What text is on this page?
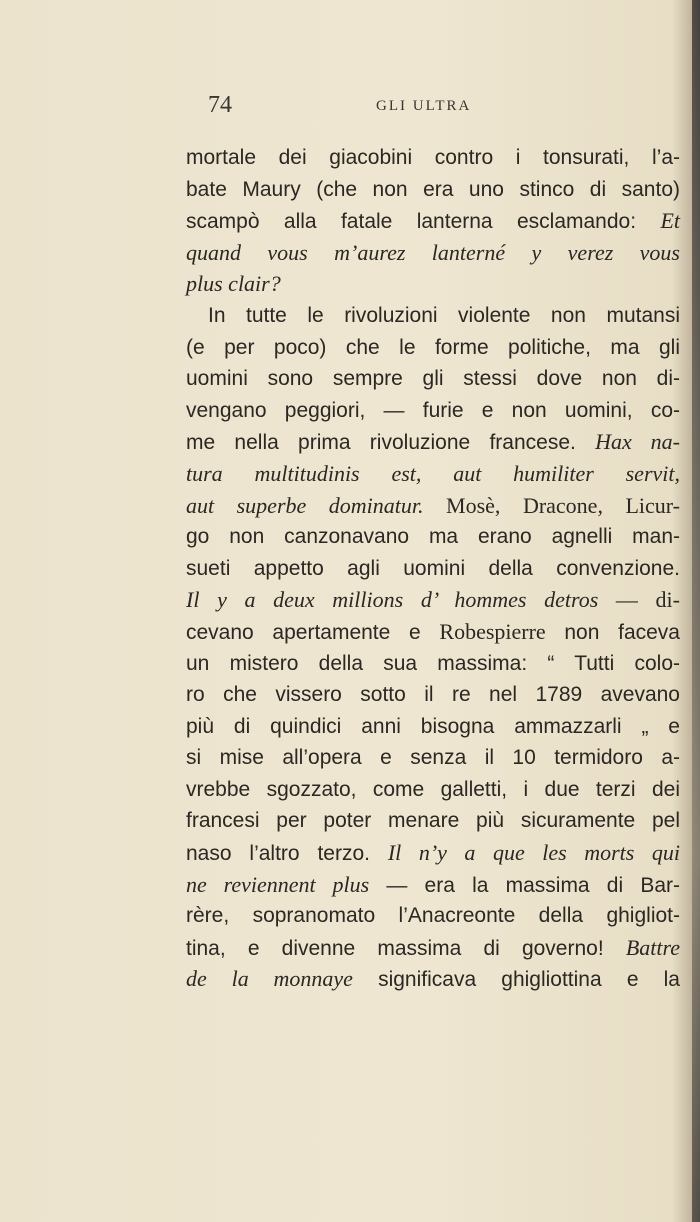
74	GLI ULTRA
mortale dei giacobini contro i tonsurati, l’a-
bate Maury (che non era uno stinco di santo)
scampò alla fatale lanterna esclamando: Et
quand vous m’aurez lanterné y verez vous
plus clair?
In tutte le rivoluzioni violente non mutansi
(e per poco) che le forme politiche, ma gli
uomini sono sempre gli stessi dove non di-
vengano peggiori, — furie e non uomini, co-
me nella prima rivoluzione francese. Hax na-
tura multitudinis est, aut humiliter servit,
aut superbe dominatur. Mosè, Dracone, Licur-
go non canzonavano ma erano agnelli man-
sueti appetto agli uomini della convenzione.
Il y a deux millions d’ hommes detros — di-
cevano apertamente e Robespierre non faceva
un mistero della sua massima: “ Tutti colo-
ro che vissero sotto il re nel 1789 avevano
più di quindici anni bisogna ammazzarli „ e
si mise all’opera e senza il 10 termidoro a-
vrebbe sgozzato, come galletti, i due terzi dei
francesi per poter menare più sicuramente pel
naso l’altro terzo. Il n’y a que les morts qui
ne reviennent plus — era la massima di Bar-
rère, sopranomato l’Anacreonte della ghigliot-
tina, e divenne massima di governo! Battre
de la monnaye significava ghigliottina e la
